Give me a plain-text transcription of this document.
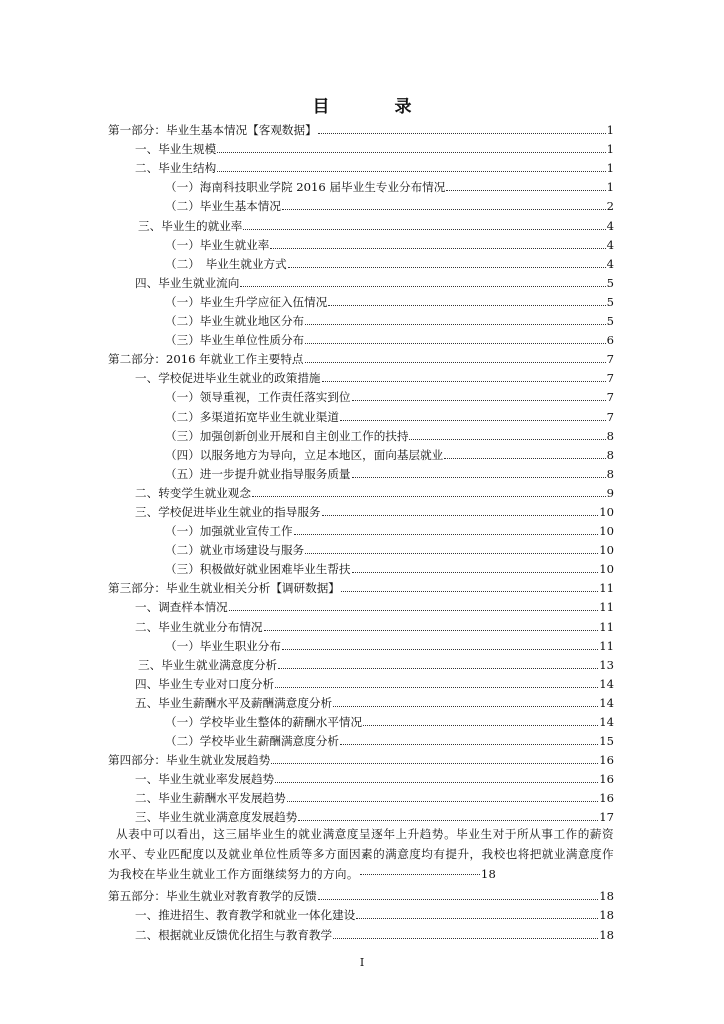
目　录
第一部分：毕业生基本情况【客观数据】	1
一、毕业生规模	1
二、毕业生结构	1
（一）海南科技职业学院 2016 届毕业生专业分布情况	1
（二）毕业生基本情况	2
三、毕业生的就业率	4
（一）毕业生就业率	4
（二）　毕业生就业方式	4
四、毕业生就业流向	5
（一）毕业生升学应征入伍情况	5
（二）毕业生就业地区分布	5
（三）毕业生单位性质分布	6
第二部分：2016 年就业工作主要特点	7
一、学校促进毕业生就业的政策措施	7
（一）领导重视，工作责任落实到位	7
（二）多渠道拓宽毕业生就业渠道	7
（三）加强创新创业开展和自主创业工作的扶持	8
（四）以服务地方为导向，立足本地区，面向基层就业	8
（五）进一步提升就业指导服务质量	8
二、转变学生就业观念	9
三、学校促进毕业生就业的指导服务	10
（一）加强就业宣传工作	10
（二）就业市场建设与服务	10
（三）积极做好就业困难毕业生帮扶	10
第三部分：毕业生就业相关分析【调研数据】	11
一、调查样本情况	11
二、毕业生就业分布情况	11
（一）毕业生职业分布	11
三、毕业生就业满意度分析	13
四、毕业生专业对口度分析	14
五、毕业生薪酬水平及薪酬满意度分析	14
（一）学校毕业生整体的薪酬水平情况	14
（二）学校毕业生薪酬满意度分析	15
第四部分：毕业生就业发展趋势	16
一、毕业生就业率发展趋势	16
二、毕业生薪酬水平发展趋势	16
三、毕业生就业满意度发展趋势	17

从表中可以看出，这三届毕业生的就业满意度呈逐年上升趋势。毕业生对于所从事工作的薪资水平、专业匹配度以及就业单位性质等多方面因素的满意度均有提升，我校也将把就业满意度作为我校在毕业生就业工作方面继续努力的方向。	18

第五部分：毕业生就业对教育教学的反馈	18
一、推进招生、教育教学和就业一体化建设	18
二、根据就业反馈优化招生与教育教学	18
I
